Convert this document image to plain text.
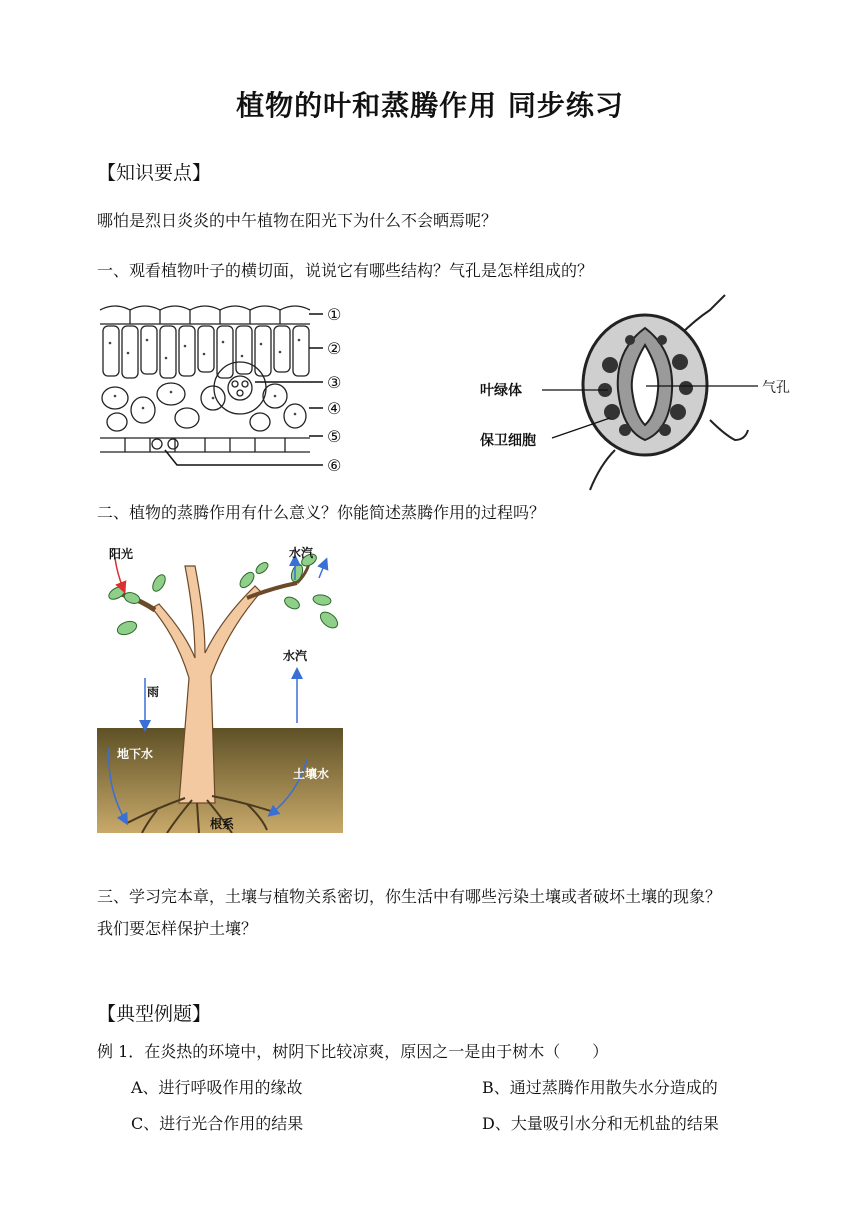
植物的叶和蒸腾作用 同步练习
【知识要点】
哪怕是烈日炎炎的中午植物在阳光下为什么不会晒焉呢？
一、观看植物叶子的横切面，说说它有哪些结构？气孔是怎样组成的？
①
②
③
④
⑤
⑥
叶绿体	气孔
保卫细胞
二、植物的蒸腾作用有什么意义？你能简述蒸腾作用的过程吗？
阳光	水汽
水汽
雨
地下水
土壤水
根系
三、学习完本章，土壤与植物关系密切，你生活中有哪些污染土壤或者破坏土壤的现象？
我们要怎样保护土壤？
【典型例题】
例 1．在炎热的环境中，树阴下比较凉爽，原因之一是由于树木（　　）
A、进行呼吸作用的缘故	B、通过蒸腾作用散失水分造成的
C、进行光合作用的结果	D、大量吸引水分和无机盐的结果
